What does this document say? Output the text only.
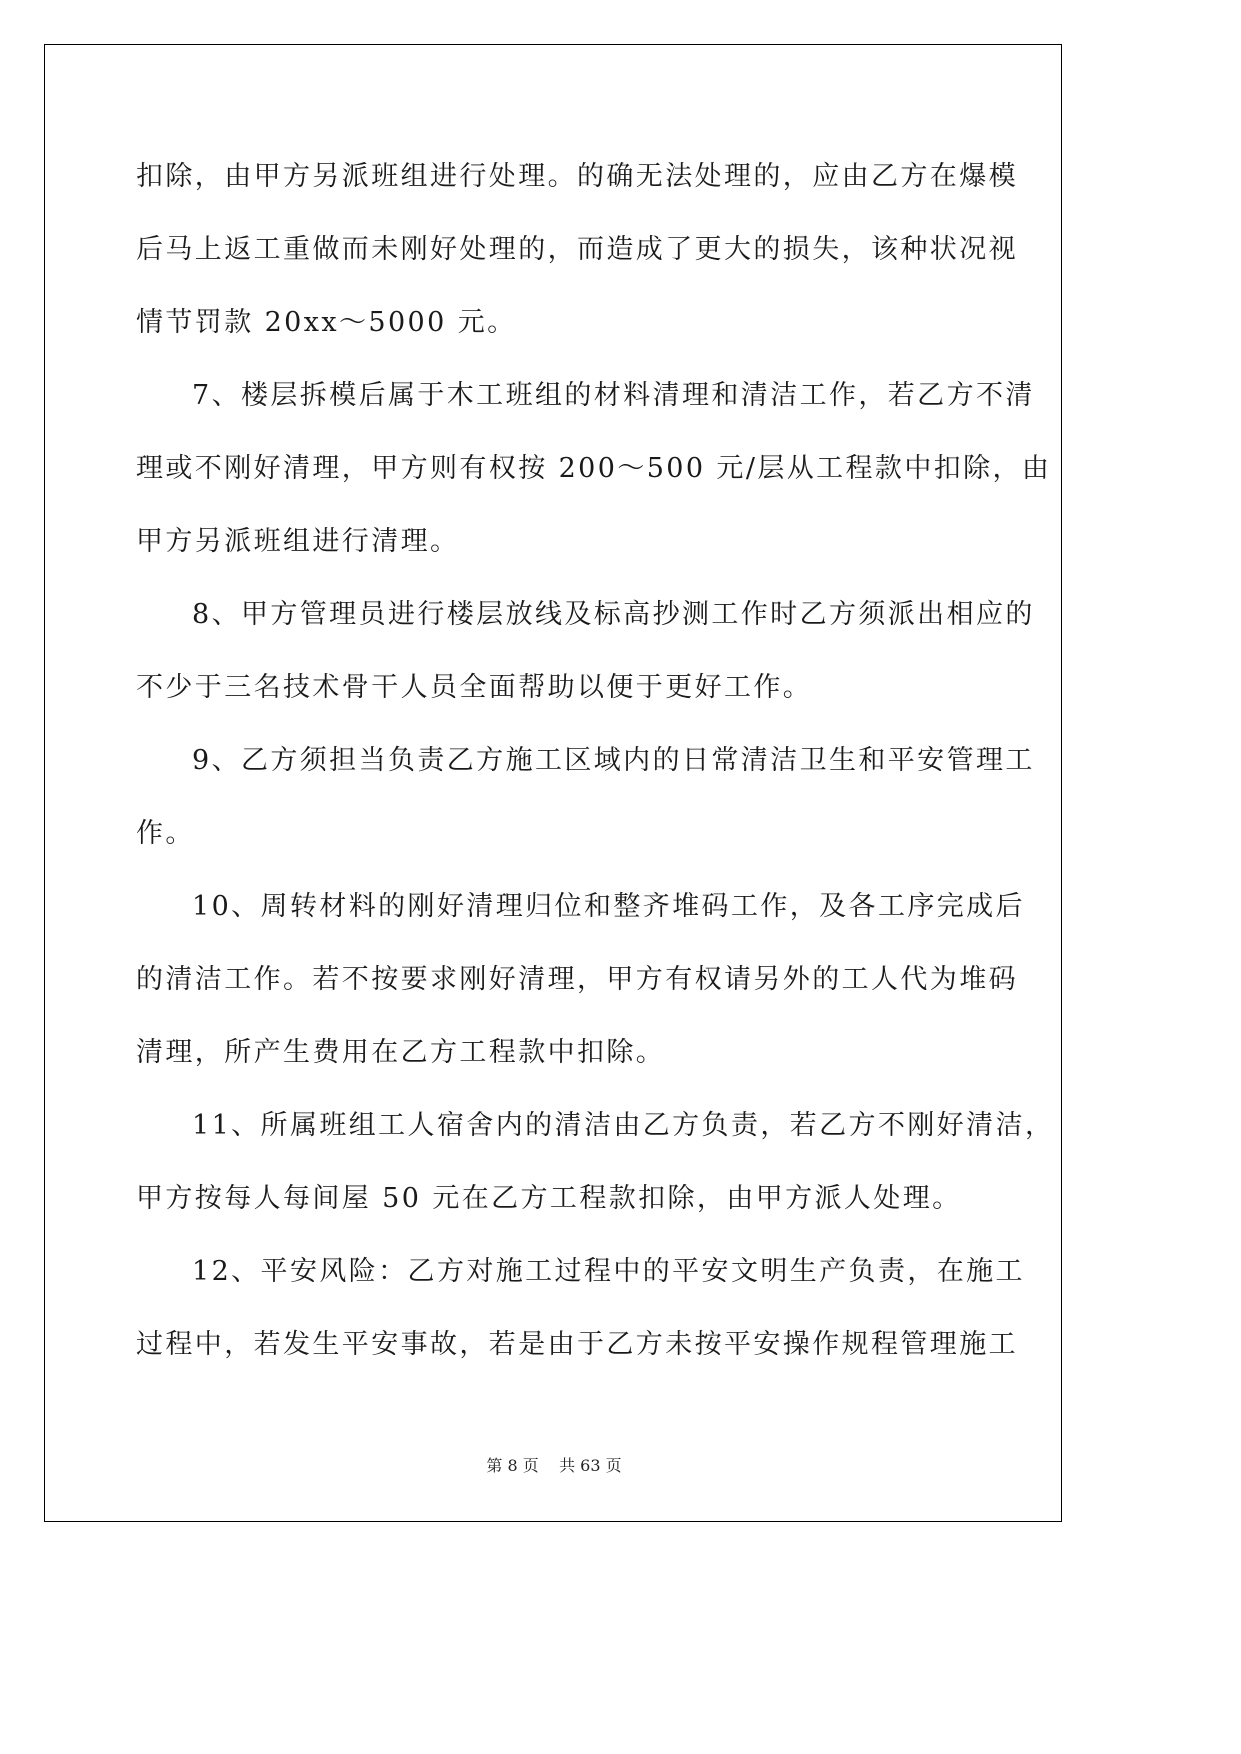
扣除，由甲方另派班组进行处理。的确无法处理的，应由乙方在爆模
后马上返工重做而未刚好处理的，而造成了更大的损失，该种状况视
情节罚款 20xx～5000 元。
7、楼层拆模后属于木工班组的材料清理和清洁工作，若乙方不清
理或不刚好清理，甲方则有权按 200～500 元/层从工程款中扣除，由
甲方另派班组进行清理。
8、甲方管理员进行楼层放线及标高抄测工作时乙方须派出相应的
不少于三名技术骨干人员全面帮助以便于更好工作。
9、乙方须担当负责乙方施工区域内的日常清洁卫生和平安管理工
作。
10、周转材料的刚好清理归位和整齐堆码工作，及各工序完成后
的清洁工作。若不按要求刚好清理，甲方有权请另外的工人代为堆码
清理，所产生费用在乙方工程款中扣除。
11、所属班组工人宿舍内的清洁由乙方负责，若乙方不刚好清洁，
甲方按每人每间屋 50 元在乙方工程款扣除，由甲方派人处理。
12、平安风险：乙方对施工过程中的平安文明生产负责，在施工
过程中，若发生平安事故，若是由于乙方未按平安操作规程管理施工

第 8 页 共 63 页
